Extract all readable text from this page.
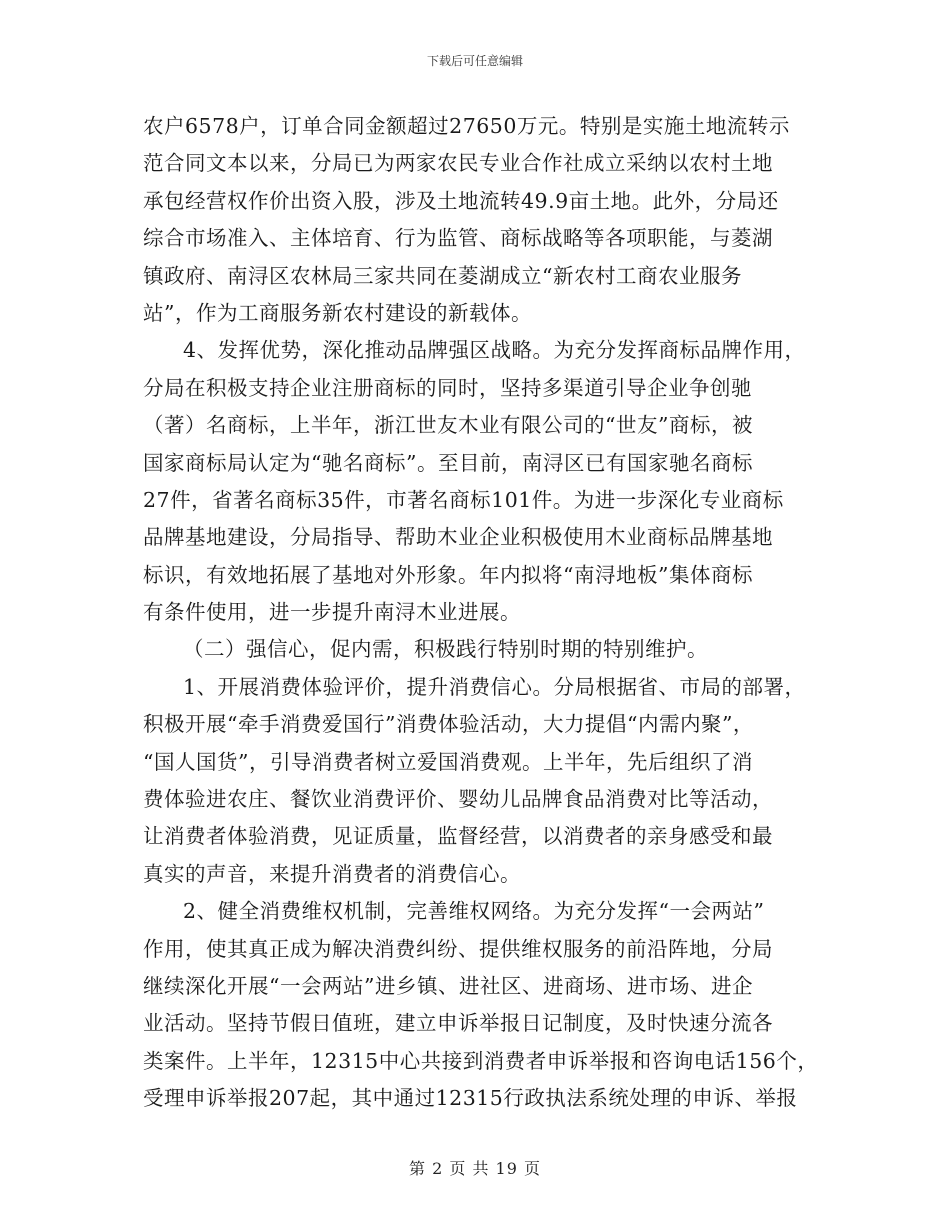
下载后可任意编辑
农户6578户，订单合同金额超过27650万元。特别是实施土地流转示
范合同文本以来，分局已为两家农民专业合作社成立采纳以农村土地
承包经营权作价出资入股，涉及土地流转49.9亩土地。此外，分局还
综合市场准入、主体培育、行为监管、商标战略等各项职能，与菱湖
镇政府、南浔区农林局三家共同在菱湖成立“新农村工商农业服务
站”，作为工商服务新农村建设的新载体。
4、发挥优势，深化推动品牌强区战略。为充分发挥商标品牌作用，
分局在积极支持企业注册商标的同时，坚持多渠道引导企业争创驰
（著）名商标，上半年，浙江世友木业有限公司的“世友”商标，被
国家商标局认定为“驰名商标”。至目前，南浔区已有国家驰名商标
27件，省著名商标35件，市著名商标101件。为进一步深化专业商标
品牌基地建设，分局指导、帮助木业企业积极使用木业商标品牌基地
标识，有效地拓展了基地对外形象。年内拟将“南浔地板”集体商标
有条件使用，进一步提升南浔木业进展。
（二）强信心，促内需，积极践行特别时期的特别维护。
1、开展消费体验评价，提升消费信心。分局根据省、市局的部署，
积极开展“牵手消费爱国行”消费体验活动，大力提倡“内需内聚”，
“国人国货”，引导消费者树立爱国消费观。上半年，先后组织了消
费体验进农庄、餐饮业消费评价、婴幼儿品牌食品消费对比等活动，
让消费者体验消费，见证质量，监督经营，以消费者的亲身感受和最
真实的声音，来提升消费者的消费信心。
2、健全消费维权机制，完善维权网络。为充分发挥“一会两站”
作用，使其真正成为解决消费纠纷、提供维权服务的前沿阵地，分局
继续深化开展“一会两站”进乡镇、进社区、进商场、进市场、进企
业活动。坚持节假日值班，建立申诉举报日记制度，及时快速分流各
类案件。上半年，12315中心共接到消费者申诉举报和咨询电话156个，
受理申诉举报207起，其中通过12315行政执法系统处理的申诉、举报
第 2 页 共 19 页
